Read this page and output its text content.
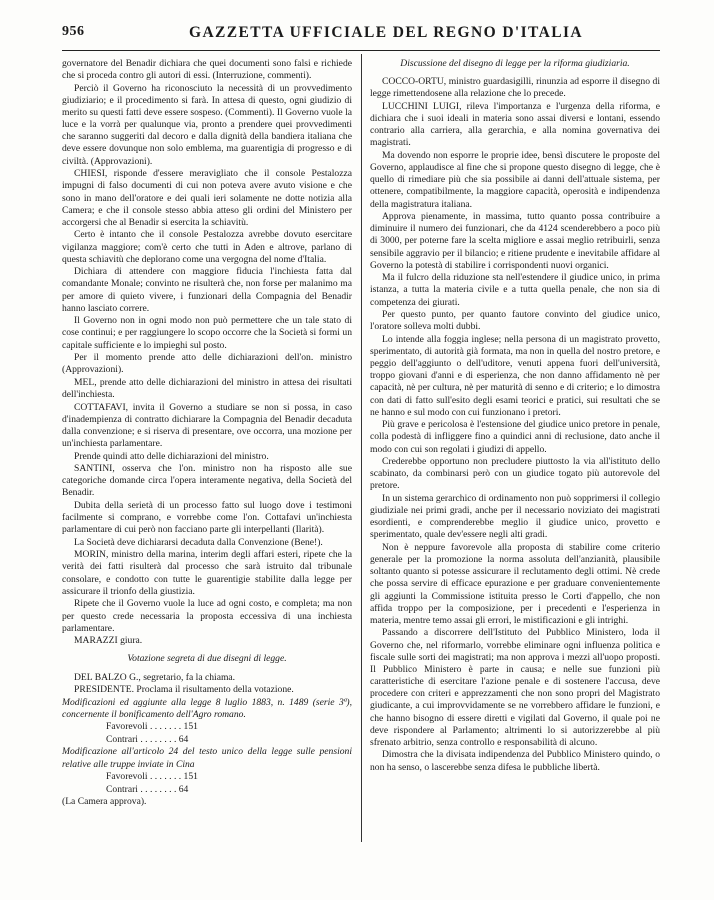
956	GAZZETTA UFFICIALE DEL REGNO D'ITALIA

governatore del Benadir dichiara che quei documenti sono falsi e richiede che si proceda contro gli autori di essi. (Interruzione, commenti).

Perciò il Governo ha riconosciuto la necessità di un provvedimento giudiziario; e il procedimento si farà. In attesa di questo, ogni giudizio di merito su questi fatti deve essere sospeso. (Commenti). Il Governo vuole la luce e la vorrà per qualunque via, pronto a prendere quei provvedimenti che saranno suggeriti dal decoro e dalla dignità della bandiera italiana che deve essere dovunque non solo emblema, ma guarentigia di progresso e di civiltà. (Approvazioni).

CHIESI, risponde d'essere meravigliato che il console Pestalozza impugni di falso documenti di cui non poteva avere avuto visione e che sono in mano dell'oratore e dei quali ieri solamente ne dotte notizia alla Camera; e che il console stesso abbia atteso gli ordini del Ministero per accorgersi che al Benadir si esercita la schiavitù.

Certo è intanto che il console Pestalozza avrebbe dovuto esercitare vigilanza maggiore; com'è certo che tutti in Aden e altrove, parlano di questa schiavitù che deplorano come una vergogna del nome d'Italia.

Dichiara di attendere con maggiore fiducia l'inchiesta fatta dal comandante Monale; convinto ne risulterà che, non forse per malanimo ma per amore di quieto vivere, i funzionari della Compagnia del Benadir hanno lasciato correre.

Il Governo non in ogni modo non può permettere che un tale stato di cose continui; e per raggiungere lo scopo occorre che la Società si formi un capitale sufficiente e lo impieghi sul posto.

Per il momento prende atto delle dichiarazioni dell'on. ministro (Approvazioni).

MEL, prende atto delle dichiarazioni del ministro in attesa dei risultati dell'inchiesta.

COTTAFAVI, invita il Governo a studiare se non si possa, in caso d'inadempienza di contratto dichiarare la Compagnia del Benadir decaduta dalla convenzione; e si riserva di presentare, ove occorra, una mozione per un'inchiesta parlamentare.

Prende quindi atto delle dichiarazioni del ministro.

SANTINI, osserva che l'on. ministro non ha risposto alle sue categoriche domande circa l'opera interamente negativa, della Società del Benadir.

Dubita della serietà di un processo fatto sul luogo dove i testimoni facilmente si comprano, e vorrebbe come l'on. Cottafavi un'inchiesta parlamentare di cui però non facciano parte gli interpellanti (Ilarità).

La Società deve dichiararsi decaduta dalla Convenzione (Bene!).

MORIN, ministro della marina, interim degli affari esteri, ripete che la verità dei fatti risulterà dal processo che sarà istruito dal tribunale consolare, e condotto con tutte le guarentigie stabilite dalla legge per assicurare il trionfo della giustizia.

Ripete che il Governo vuole la luce ad ogni costo, e completa; ma non per questo crede necessaria la proposta eccessiva di una inchiesta parlamentare.

MARAZZI giura.

Votazione segreta di due disegni di legge.

DEL BALZO G., segretario, fa la chiama.

PRESIDENTE. Proclama il risultamento della votazione.

Modificazioni ed aggiunte alla legge 8 luglio 1883, n. 1489 (serie 3ª), concernente il bonificamento dell'Agro romano.

Favorevoli . . . . . . . 151

Contrari . . . . . . . . 64

Modificazione all'articolo 24 del testo unico della legge sulle pensioni relative alle truppe inviate in Cina

Favorevoli . . . . . . . 151

Contrari . . . . . . . . 64

(La Camera approva).

Discussione del disegno di legge per la riforma giudiziaria.

COCCO-ORTU, ministro guardasigilli, rinunzia ad esporre il disegno di legge rimettendosene alla relazione che lo precede.

LUCCHINI LUIGI, rileva l'importanza e l'urgenza della riforma, e dichiara che i suoi ideali in materia sono assai diversi e lontani, essendo contrario alla carriera, alla gerarchia, e alla nomina governativa dei magistrati.

Ma dovendo non esporre le proprie idee, bensì discutere le proposte del Governo, applaudisce al fine che si propone questo disegno di legge, che è quello di rimediare più che sia possibile ai danni dell'attuale sistema, per ottenere, compatibilmente, la maggiore capacità, operosità e indipendenza della magistratura italiana.

Approva pienamente, in massima, tutto quanto possa contribuire a diminuire il numero dei funzionari, che da 4124 scenderebbero a poco più di 3000, per poterne fare la scelta migliore e assai meglio retribuirli, senza sensibile aggravio per il bilancio; e ritiene prudente e inevitabile affidare al Governo la potestà di stabilire i corrispondenti nuovi organici.

Ma il fulcro della riduzione sta nell'estendere il giudice unico, in prima istanza, a tutta la materia civile e a tutta quella penale, che non sia di competenza dei giurati.

Per questo punto, per quanto fautore convinto del giudice unico, l'oratore solleva molti dubbi.

Lo intende alla foggia inglese; nella persona di un magistrato provetto, sperimentato, di autorità già formata, ma non in quella del nostro pretore, e peggio dell'aggiunto o dell'uditore, venuti appena fuori dell'università, troppo giovani d'anni e di esperienza, che non danno affidamento nè per capacità, nè per cultura, nè per maturità di senno e di criterio; e lo dimostra con dati di fatto sull'esito degli esami teorici e pratici, sui resultati che se ne hanno e sul modo con cui funzionano i pretori.

Più grave e pericolosa è l'estensione del giudice unico pretore in penale, colla podestà di infliggere fino a quindici anni di reclusione, dato anche il modo con cui son regolati i giudizi di appello.

Crederebbe opportuno non precludere piuttosto la via all'istituto dello scabinato, da combinarsi però con un giudice togato più autorevole del pretore.

In un sistema gerarchico di ordinamento non può sopprimersi il collegio giudiziale nei primi gradi, anche per il necessario noviziato dei magistrati esordienti, e comprenderebbe meglio il giudice unico, provetto e sperimentato, quale dev'essere negli alti gradi.

Non è neppure favorevole alla proposta di stabilire come criterio generale per la promozione la norma assoluta dell'anzianità, plausibile soltanto quanto si potesse assicurare il reclutamento degli ottimi. Nè crede che possa servire di efficace epurazione e per graduare convenientemente gli aggiunti la Commissione istituita presso le Corti d'appello, che non affida troppo per la composizione, per i precedenti e l'esperienza in materia, mentre temo assai gli errori, le mistificazioni e gli intrighi.

Passando a discorrere dell'Istituto del Pubblico Ministero, loda il Governo che, nel riformarlo, vorrebbe eliminare ogni influenza politica e fiscale sulle sorti dei magistrati; ma non approva i mezzi all'uopo proposti. Il Pubblico Ministero è parte in causa; e nelle sue funzioni più caratteristiche di esercitare l'azione penale e di sostenere l'accusa, deve procedere con criteri e apprezzamenti che non sono propri del Magistrato giudicante, a cui improvvidamente se ne vorrebbero affidare le funzioni, e che hanno bisogno di essere diretti e vigilati dal Governo, il quale poi ne deve rispondere al Parlamento; altrimenti lo si autorizzerebbe al più sfrenato arbitrio, senza controllo e responsabilità di alcuno.

Dimostra che la divisata indipendenza del Pubblico Ministero quindo, o non ha senso, o lascerebbe senza difesa le pubbliche libertà.
